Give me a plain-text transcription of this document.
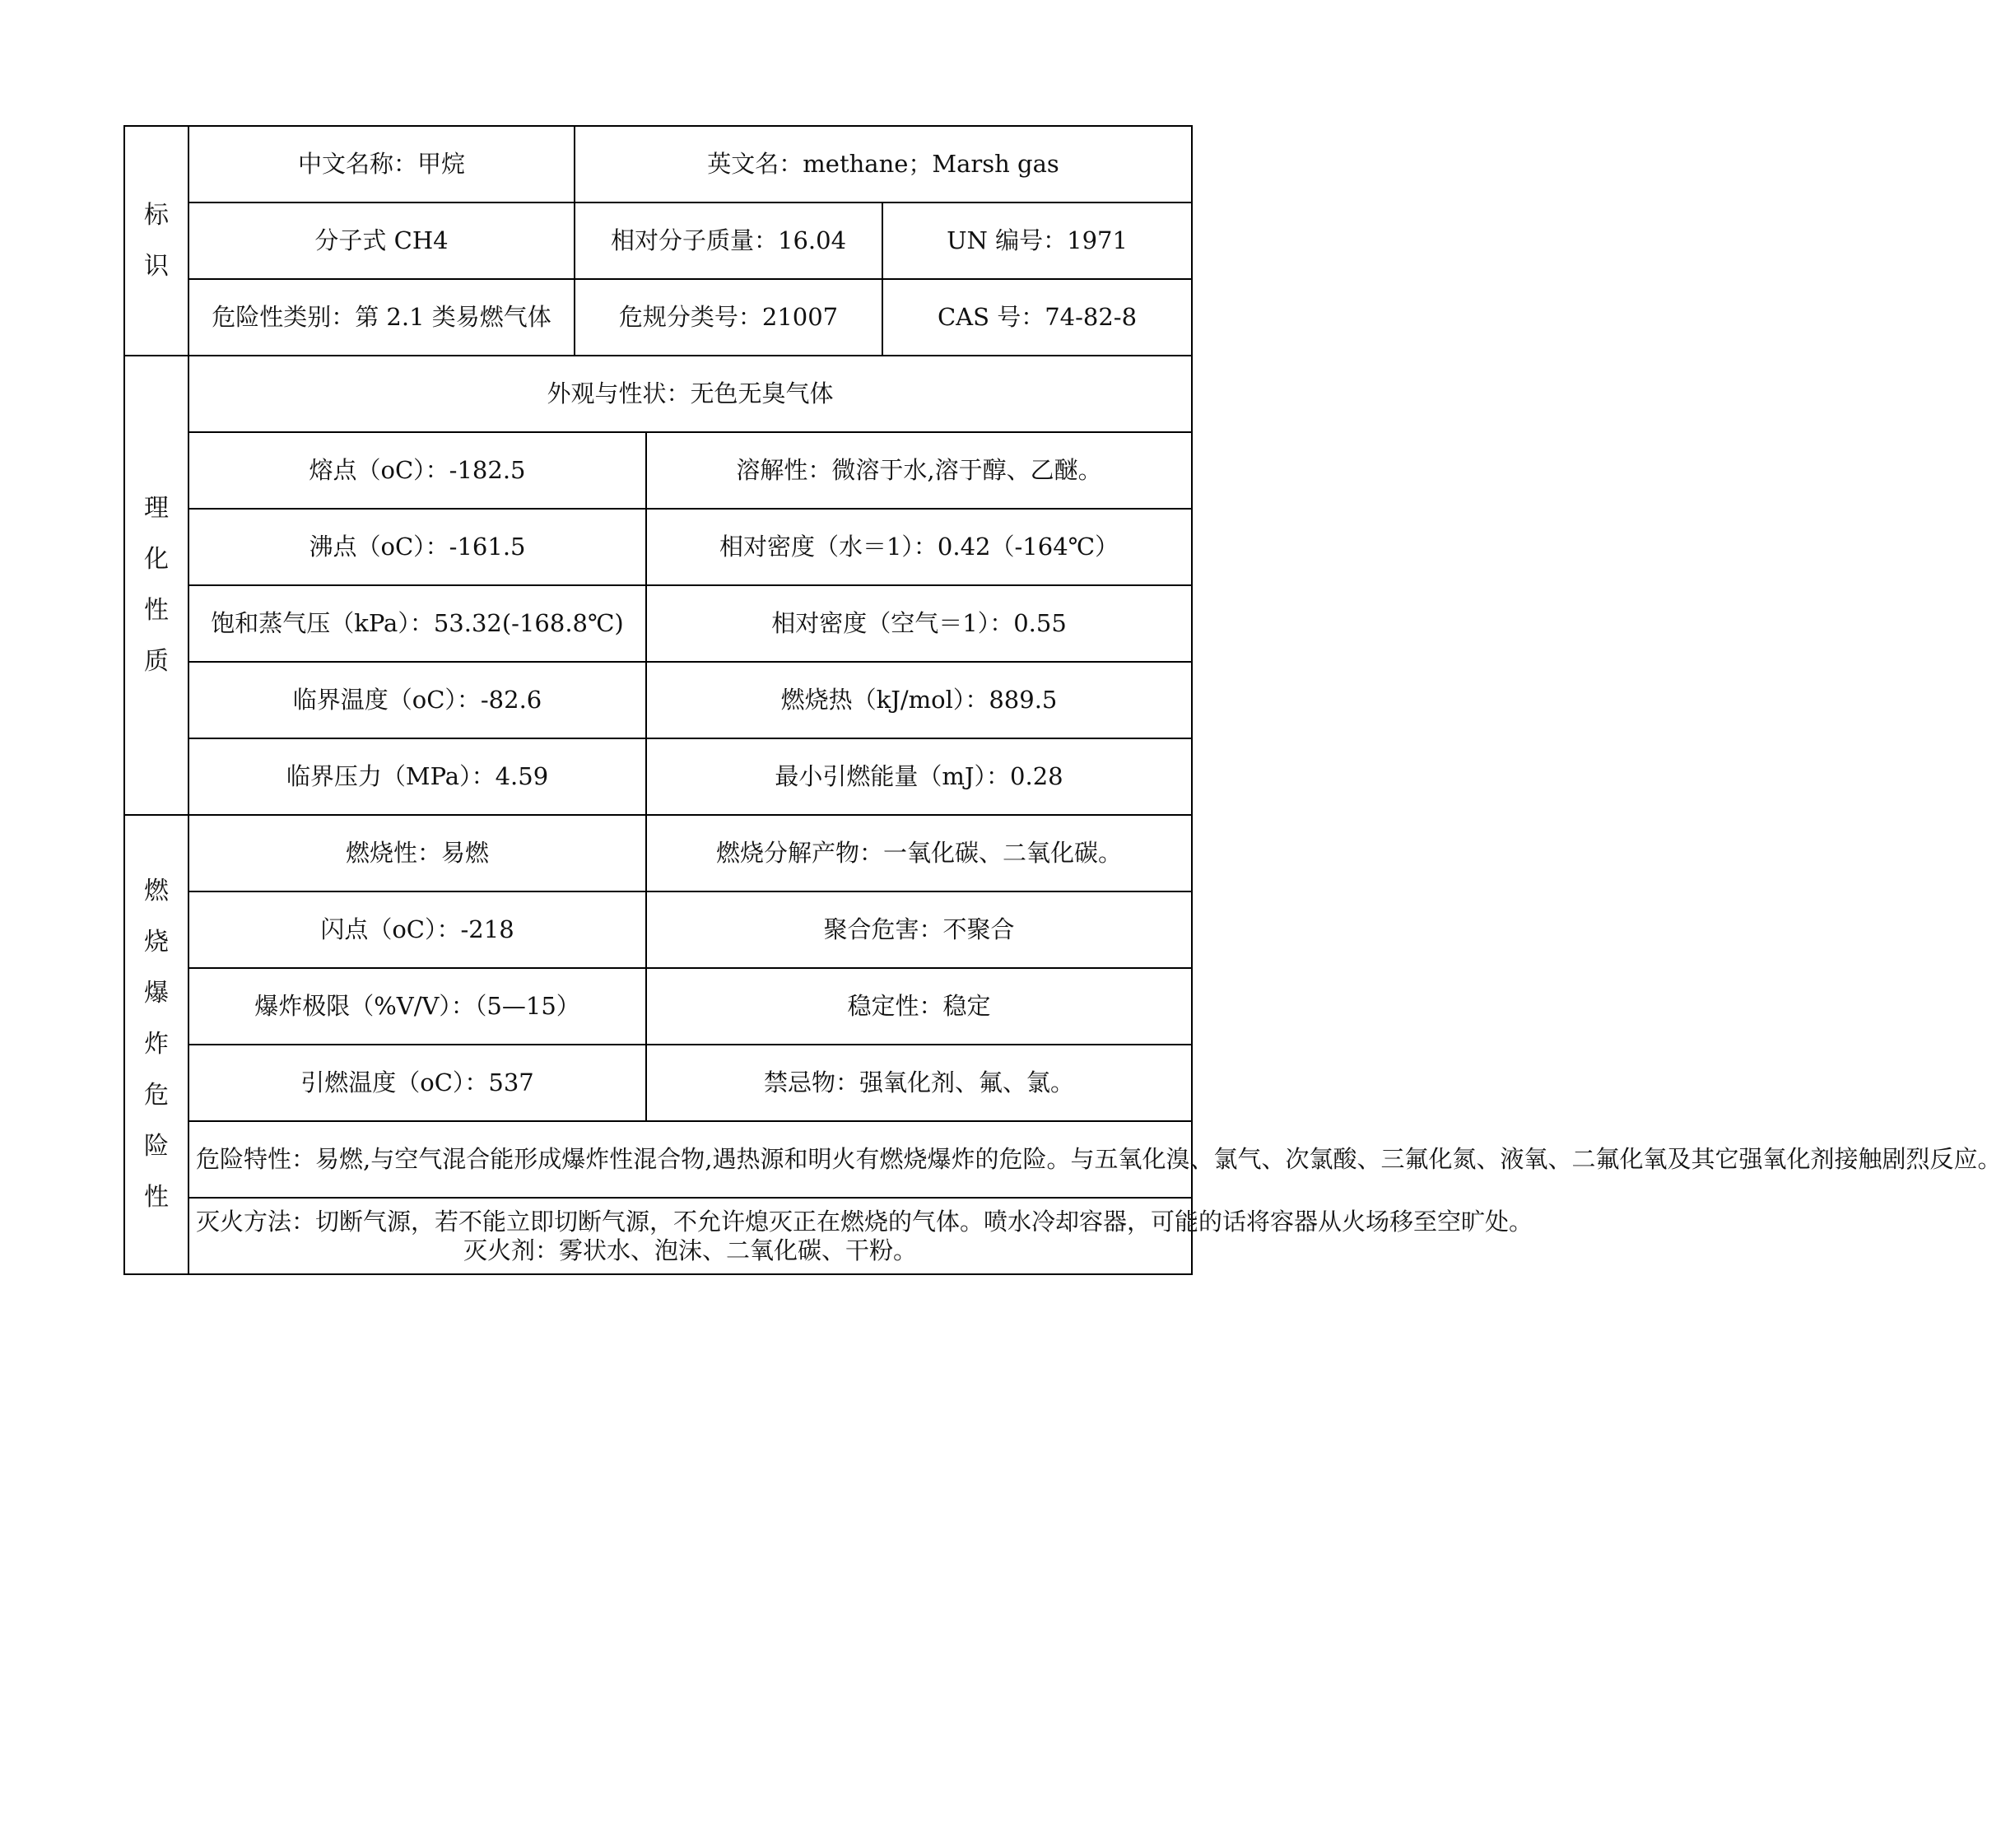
标识	中文名称：甲烷	英文名：methane；Marsh gas		
	分子式 CH4	相对分子质量：16.04		UN 编号：1971
	危险性类别：第 2.1 类易燃气体	危规分类号：21007		CAS 号：74-82-8
理化性质	外观与性状：无色无臭气体			
	熔点（oC）：-182.5		溶解性：微溶于水,溶于醇、乙醚。	
	沸点（oC）：-161.5		相对密度（水＝1）：0.42（-164℃）	
	饱和蒸气压（kPa）：53.32(-168.8℃)		相对密度（空气＝1）：0.55	
	临界温度（oC）：-82.6		燃烧热（kJ/mol）：889.5	
	临界压力（MPa）：4.59		最小引燃能量（mJ）：0.28	
燃烧爆炸危险性	燃烧性：易燃		燃烧分解产物：一氧化碳、二氧化碳。	
	闪点（oC）：-218		聚合危害：不聚合	
	爆炸极限（%V/V）：（5—15）		稳定性：稳定	
	引燃温度（oC）：537		禁忌物：强氧化剂、氟、氯。	
	危险特性：易燃,与空气混合能形成爆炸性混合物,遇热源和明火有燃烧爆炸的危险。与五氧化溴、氯气、次氯酸、三氟化氮、液氧、二氟化氧及其它强氧化剂接触剧烈反应。			

	灭火方法：切断气源，若不能立即切断气源，不允许熄灭正在燃烧的气体。喷水冷却容器，可能的话将容器从火场移至空旷处。

灭火剂：雾状水、泡沫、二氧化碳、干粉。			
